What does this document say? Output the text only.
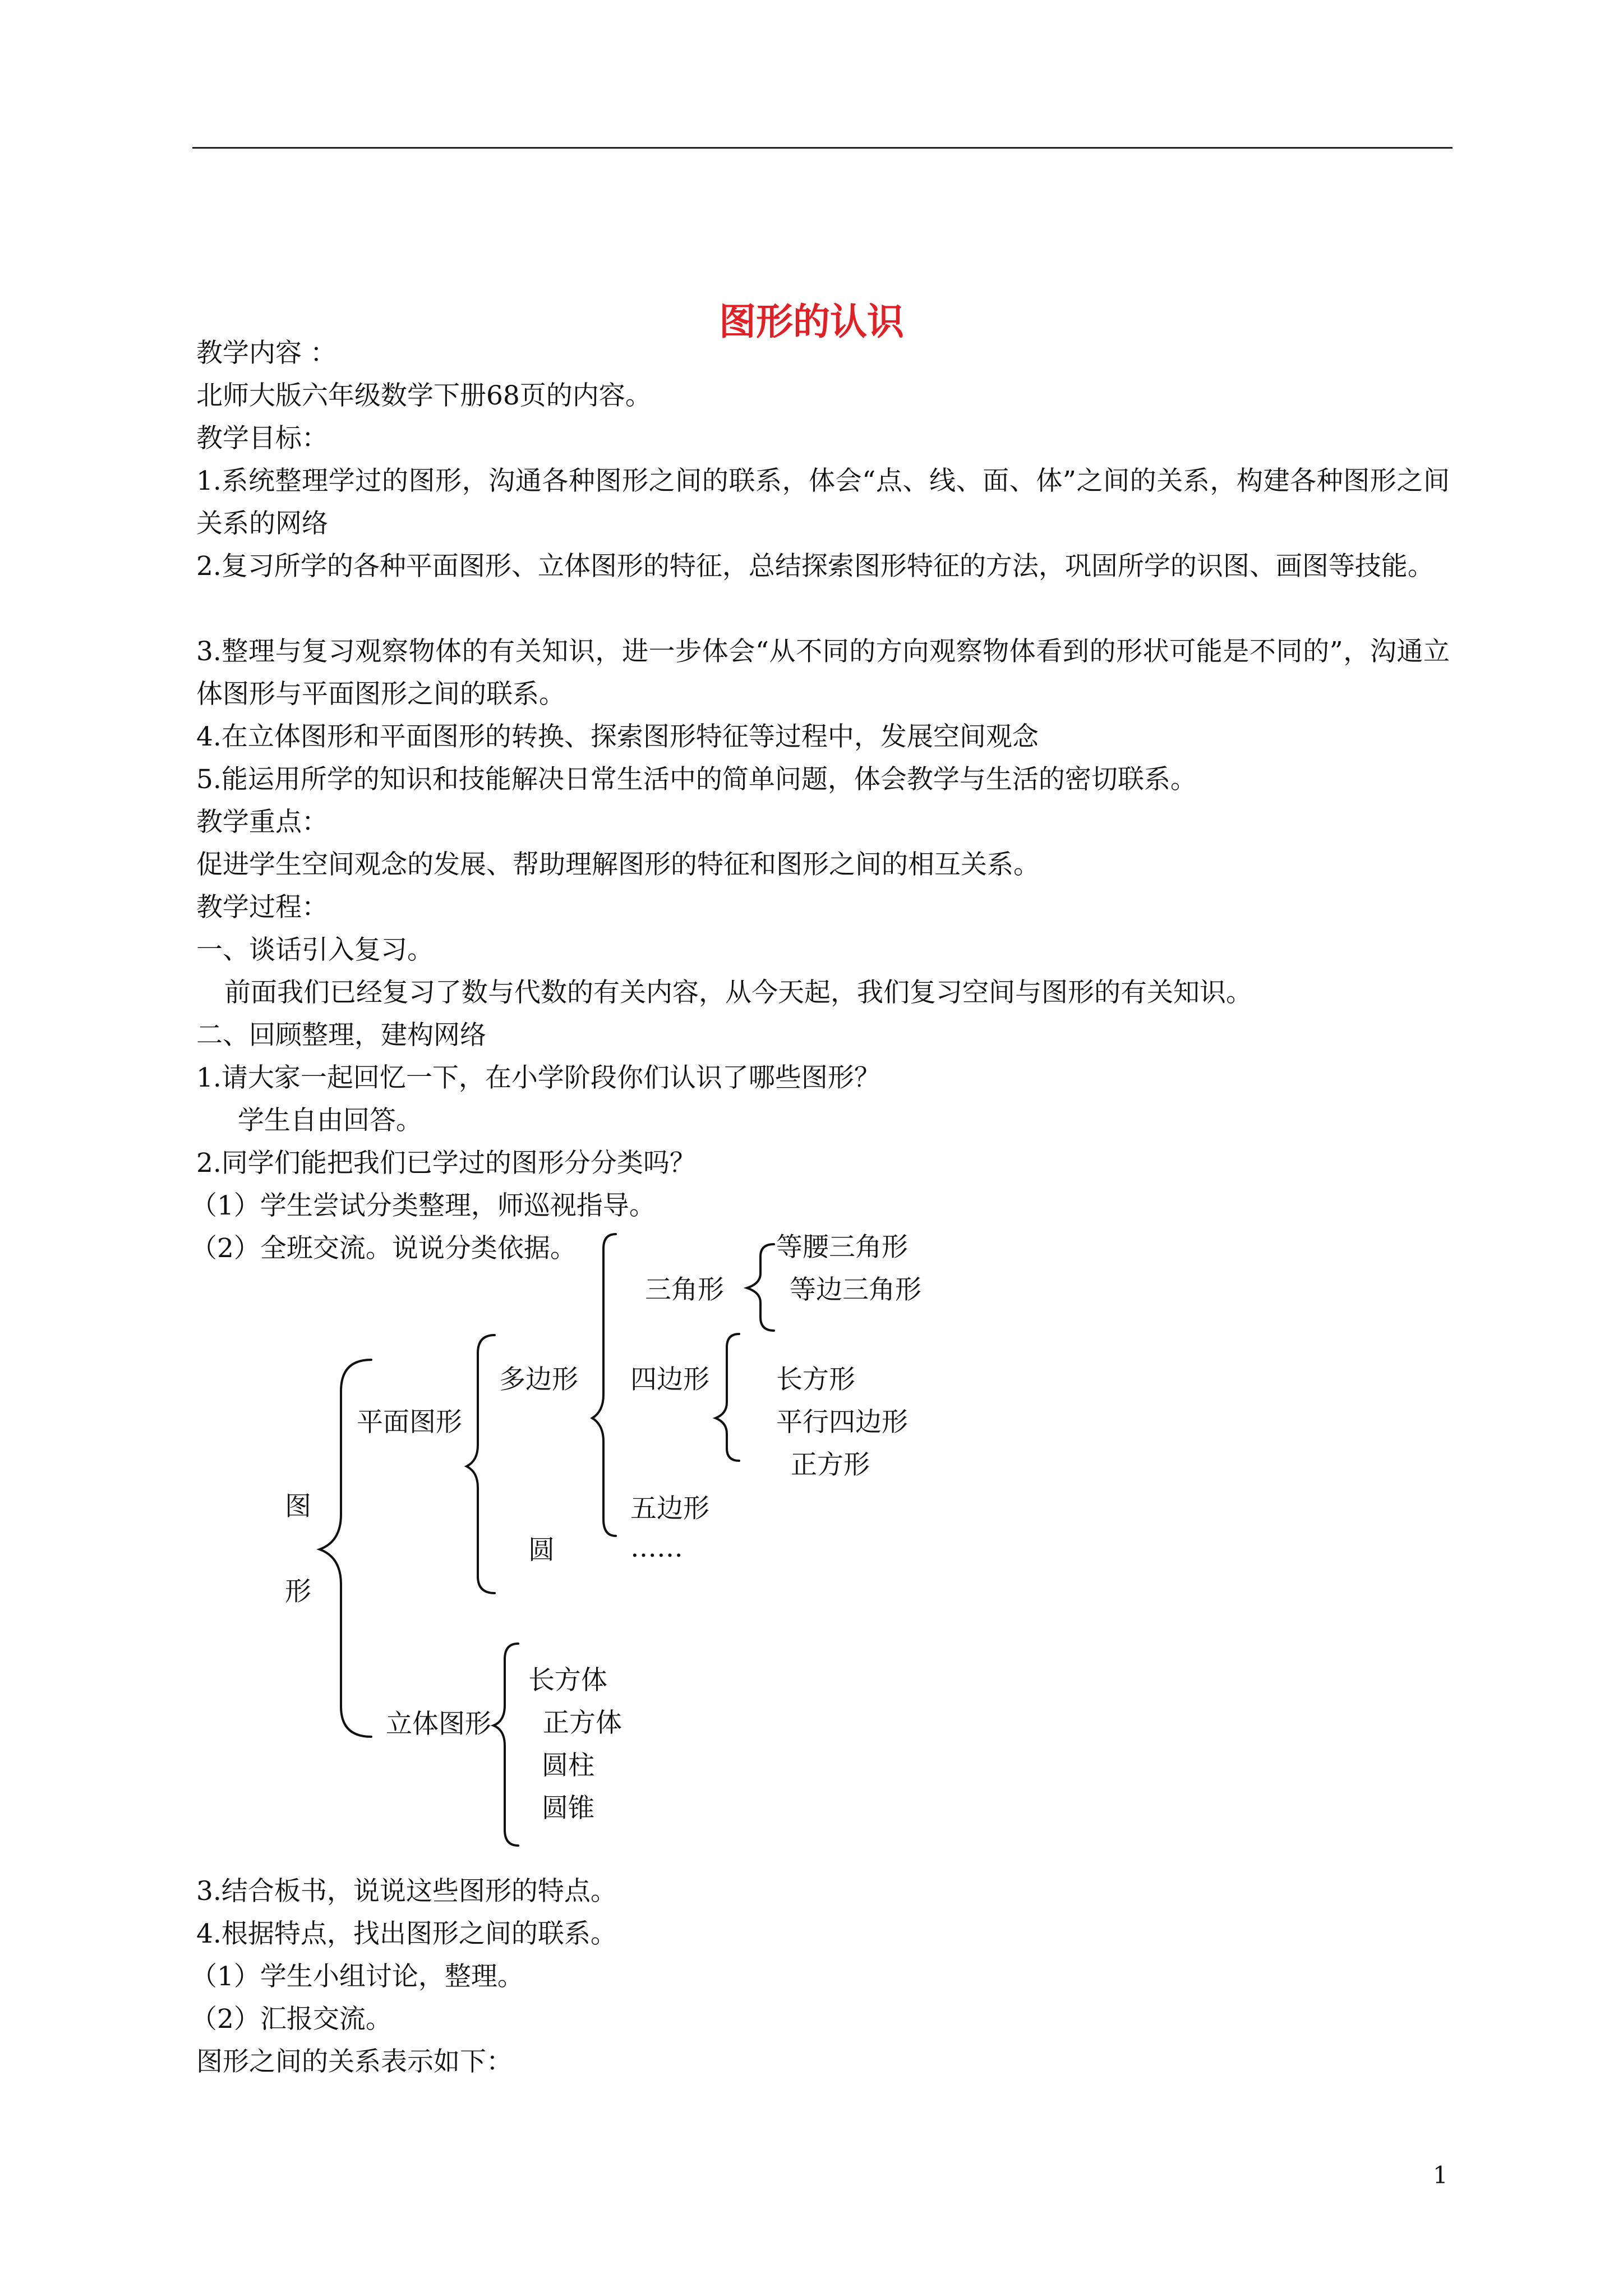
图形的认识
教学内容 ：
北师大版六年级数学下册68页的内容。
教学目标：
1.系统整理学过的图形，沟通各种图形之间的联系，体会“点、线、面、体”之间的关系，构建各种图形之间关系的网络
2.复习所学的各种平面图形、立体图形的特征，总结探索图形特征的方法，巩固所学的识图、画图等技能。
3.整理与复习观察物体的有关知识，进一步体会“从不同的方向观察物体看到的形状可能是不同的”，沟通立体图形与平面图形之间的联系。
4.在立体图形和平面图形的转换、探索图形特征等过程中，发展空间观念
5.能运用所学的知识和技能解决日常生活中的简单问题，体会教学与生活的密切联系。
教学重点：
促进学生空间观念的发展、帮助理解图形的特征和图形之间的相互关系。
教学过程：
一、谈话引入复习。
前面我们已经复习了数与代数的有关内容，从今天起，我们复习空间与图形的有关知识。
二、回顾整理，建构网络
1.请大家一起回忆一下，在小学阶段你们认识了哪些图形？
学生自由回答。
2.同学们能把我们已学过的图形分分类吗？
（1）学生尝试分类整理，师巡视指导。
（2）全班交流。说说分类依据。
图
形
平面图形
立体图形
多边形
圆
三角形
四边形
五边形
……
等腰三角形
等边三角形
长方形
平行四边形
正方形
长方体
正方体
圆柱
圆锥
3.结合板书，说说这些图形的特点。
4.根据特点，找出图形之间的联系。
（1）学生小组讨论，整理。
（2）汇报交流。
图形之间的关系表示如下：
1
